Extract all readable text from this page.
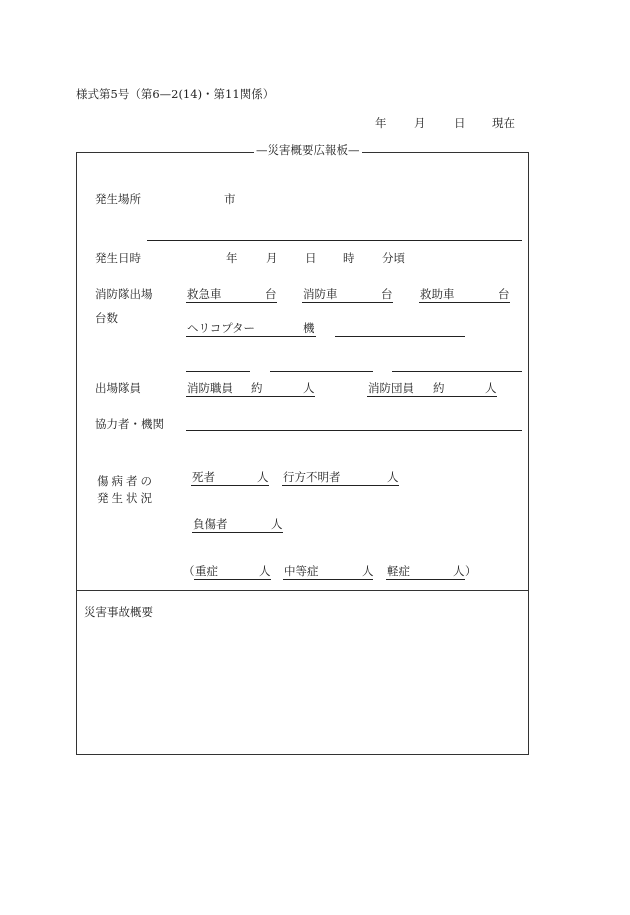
様式第5号（第6—2(14)・第11関係）
年 月 日 現在
—災害概要広報板—
発生場所	市
発生日時	年 月 日 時 分頃
消防隊出場
台数
救急車	台 消防車	台 救助車	台
ヘリコプター	機
出場隊員	消防職員 約	人	消防団員 約	人
協力者・機関
傷病者の
発生状況
死者	人 行方不明者	人
負傷者	人
（ 重症	人 中等症	人 軽症	人 ）
災害事故概要
